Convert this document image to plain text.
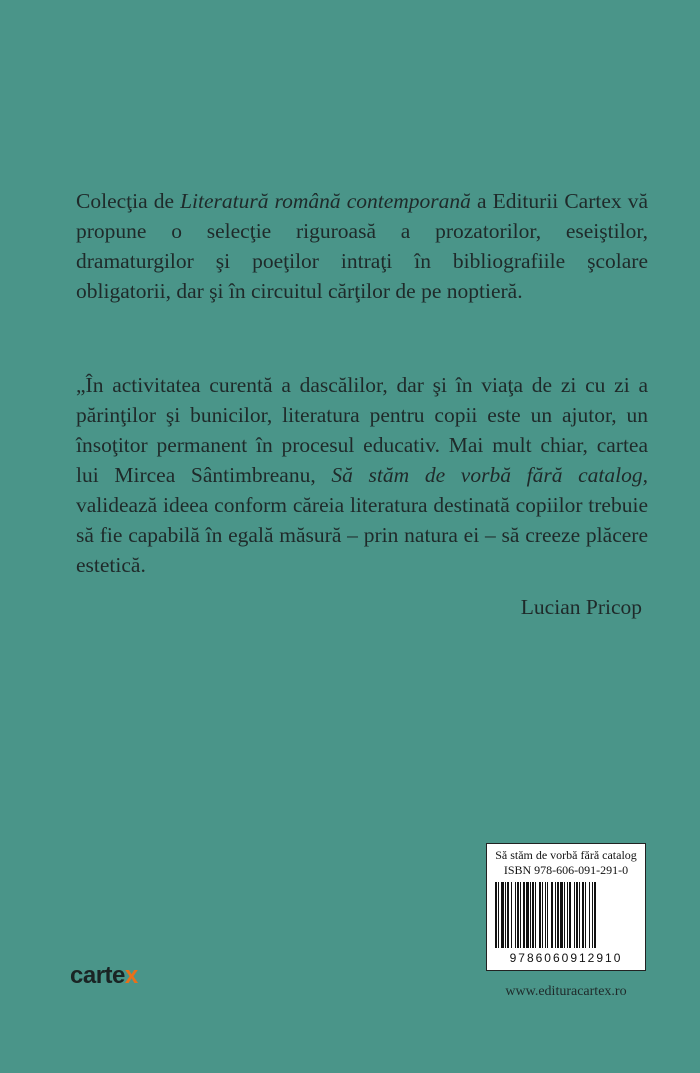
Colecţia de Literatură română contemporană a Editurii Cartex vă propune o selecţie riguroasă a prozatorilor, eseiştilor, dramaturgilor şi poeţilor intraţi în bibliografiile şcolare obligatorii, dar şi în circuitul cărţilor de pe noptieră.

„În activitatea curentă a dascălilor, dar şi în viaţa de zi cu zi a părinţilor şi bunicilor, literatura pentru copii este un ajutor, un însoţitor permanent în procesul educativ. Mai mult chiar, cartea lui Mircea Sântimbreanu, Să stăm de vorbă fără catalog, validează ideea conform căreia literatura destinată copiilor trebuie să fie capabilă în egală măsură – prin natura ei – să creeze plăcere estetică.

Lucian Pricop

cartex
Să stăm de vorbă fără catalog
ISBN 978-606-091-291-0
9786060912910
www.edituracartex.ro
